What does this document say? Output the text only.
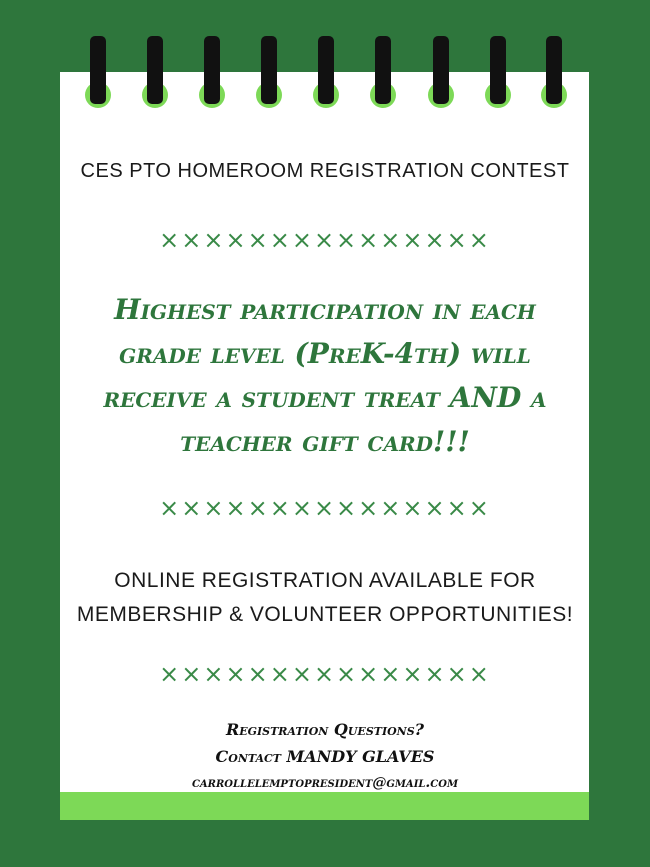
CES PTO HOMEROOM REGISTRATION CONTEST
×××××××××××××××
Highest participation in each
grade level (PreK-4th) will
receive a student treat AND a
teacher gift card!!!
×××××××××××××××
ONLINE REGISTRATION AVAILABLE FOR
MEMBERSHIP & VOLUNTEER OPPORTUNITIES!
×××××××××××××××
Registration Questions?
Contact MANDY GLAVES
carrollelemptopresident@gmail.com
